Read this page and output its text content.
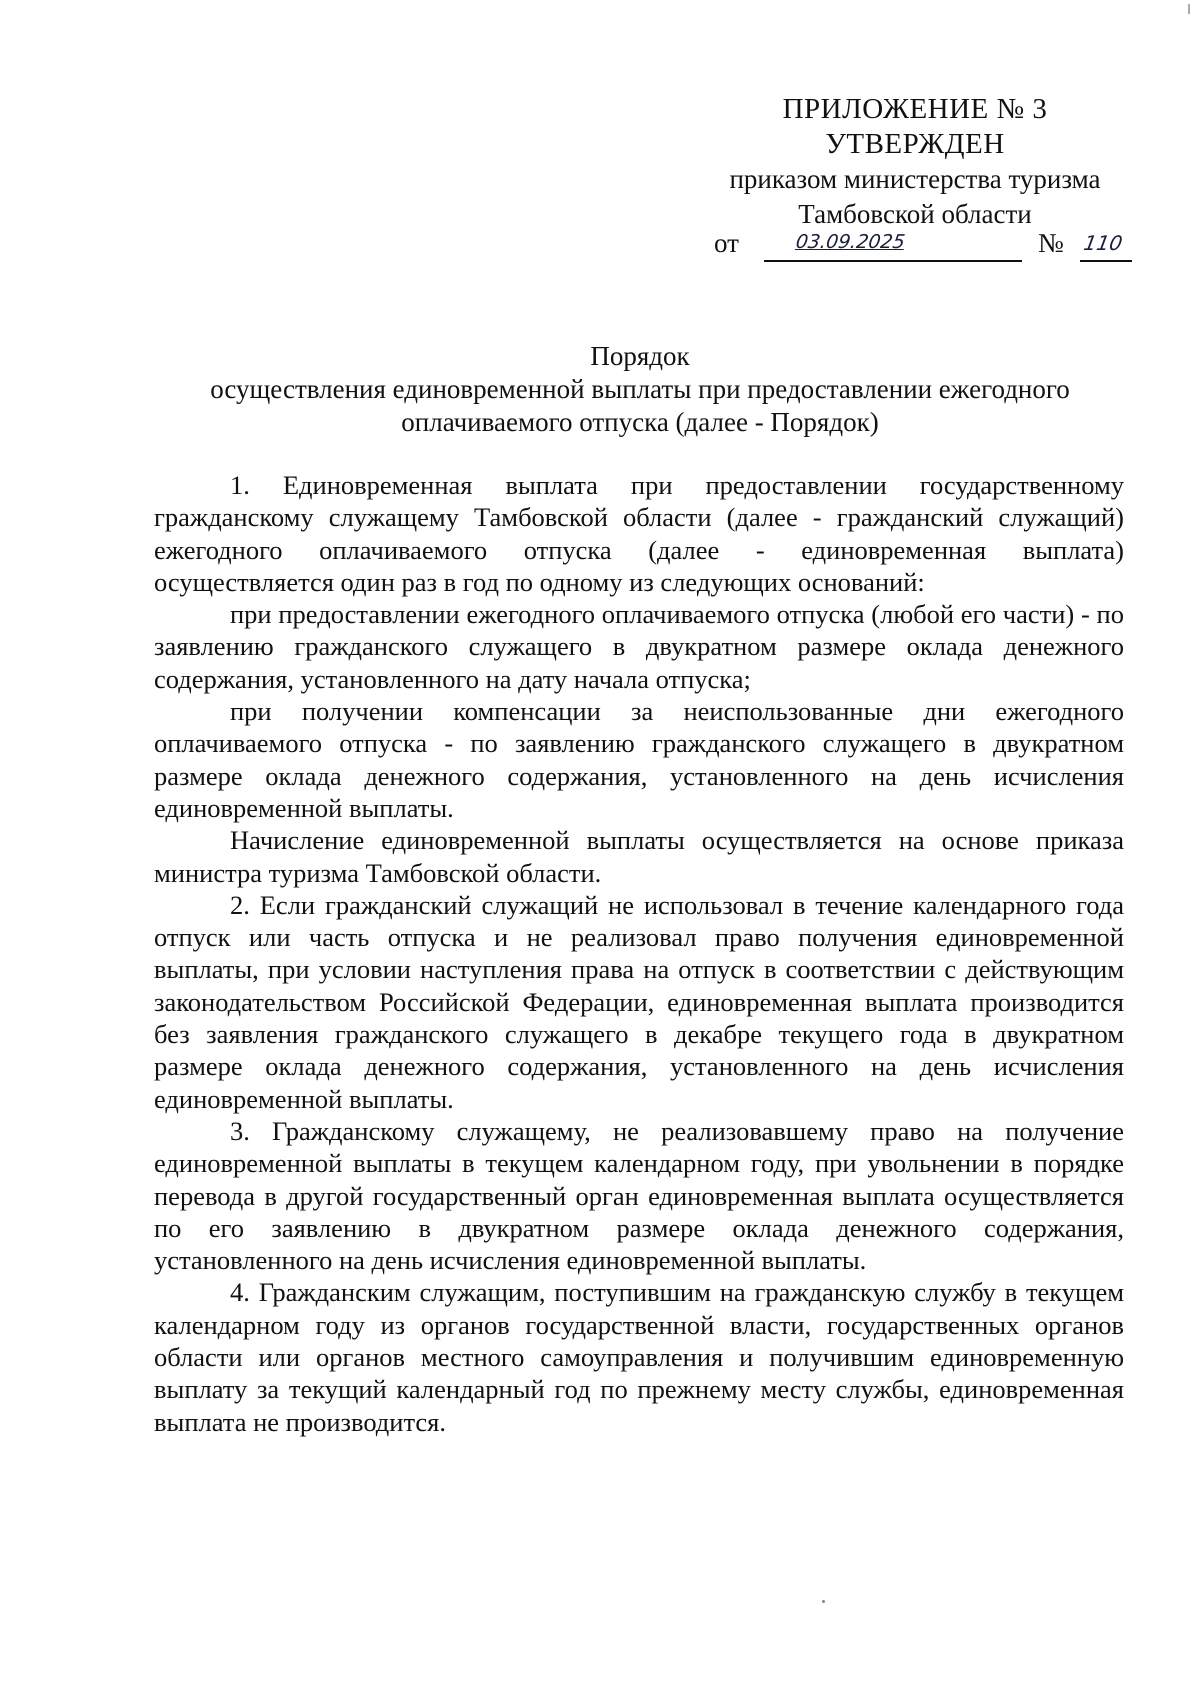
ПРИЛОЖЕНИЕ № 3
УТВЕРЖДЕН
приказом министерства туризма
Тамбовской области
от	03.09.2025	№ 110
Порядок
осуществления единовременной выплаты при предоставлении ежегодного
оплачиваемого отпуска (далее - Порядок)

1. Единовременная выплата при предоставлении государственному гражданскому служащему Тамбовской области (далее - гражданский служащий) ежегодного оплачиваемого отпуска (далее - единовременная выплата) осуществляется один раз в год по одному из следующих оснований:

при предоставлении ежегодного оплачиваемого отпуска (любой его части) - по заявлению гражданского служащего в двукратном размере оклада денежного содержания, установленного на дату начала отпуска;

при получении компенсации за неиспользованные дни ежегодного оплачиваемого отпуска - по заявлению гражданского служащего в двукратном размере оклада денежного содержания, установленного на день исчисления единовременной выплаты.

Начисление единовременной выплаты осуществляется на основе приказа министра туризма Тамбовской области.

2. Если гражданский служащий не использовал в течение календарного года отпуск или часть отпуска и не реализовал право получения единовременной выплаты, при условии наступления права на отпуск в соответствии с действующим законодательством Российской Федерации, единовременная выплата производится без заявления гражданского служащего в декабре текущего года в двукратном размере оклада денежного содержания, установленного на день исчисления единовременной выплаты.

3. Гражданскому служащему, не реализовавшему право на получение единовременной выплаты в текущем календарном году, при увольнении в порядке перевода в другой государственный орган единовременная выплата осуществляется по его заявлению в двукратном размере оклада денежного содержания, установленного на день исчисления единовременной выплаты.

4. Гражданским служащим, поступившим на гражданскую службу в текущем календарном году из органов государственной власти, государственных органов области или органов местного самоуправления и получившим единовременную выплату за текущий календарный год по прежнему месту службы, единовременная выплата не производится.
